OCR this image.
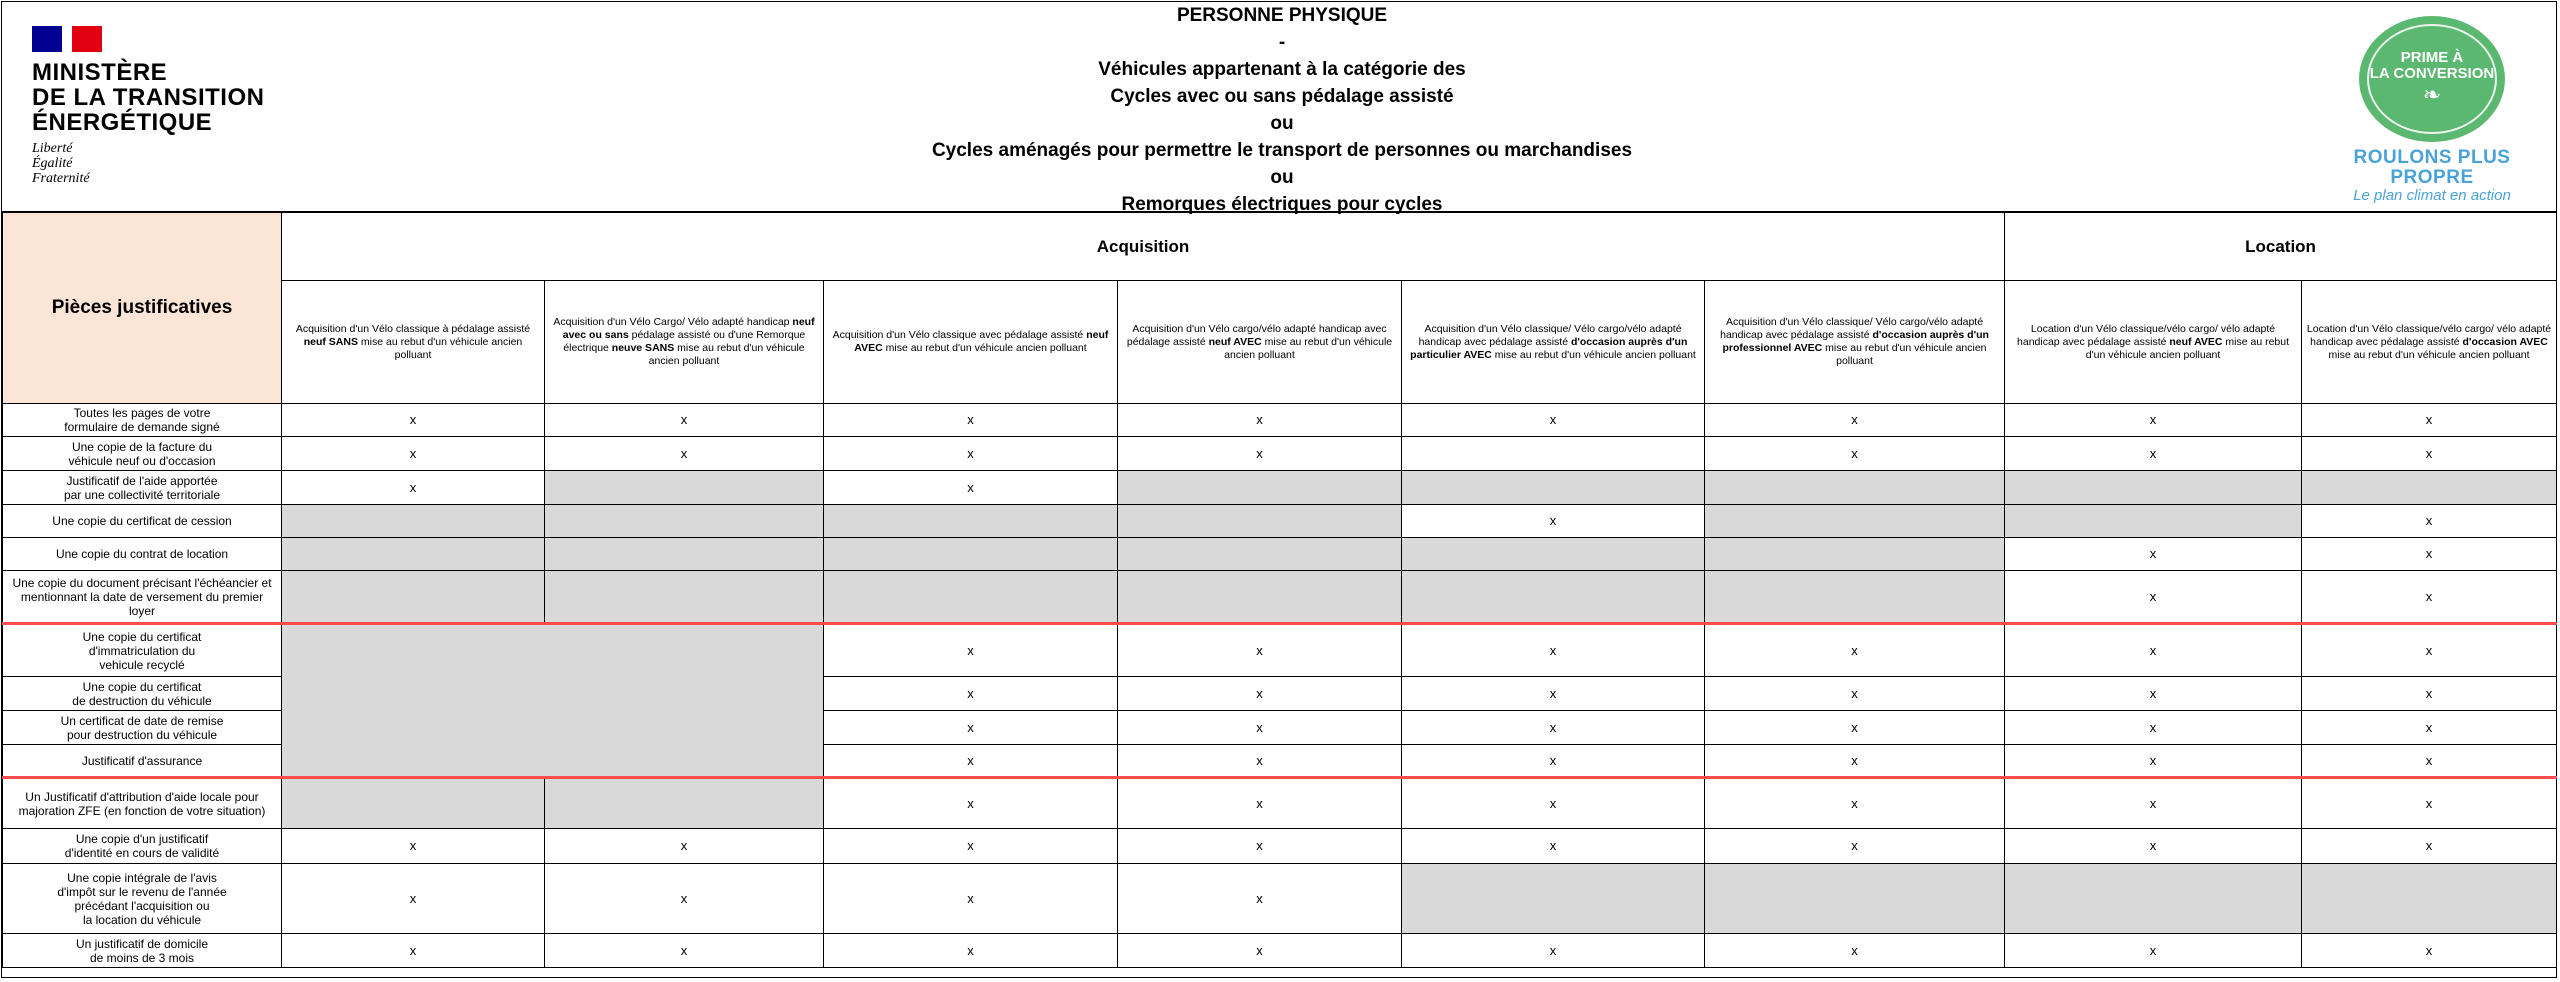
MINISTÈRE
DE LA TRANSITION
ÉNERGÉTIQUE
Liberté
Égalité
Fraternité
PERSONNE PHYSIQUE
-
Véhicules appartenant à la catégorie des
Cycles avec ou sans pédalage assisté
ou
Cycles aménagés pour permettre le transport de personnes ou marchandises
ou
Remorques électriques pour cycles
PRIME À
LA CONVERSION
❧
ROULONS PLUS PROPRE
Le plan climat en action
Pièces justificatives	Acquisition						Location	
	Acquisition d'un Vélo classique à pédalage assisté neuf SANS mise au rebut d'un véhicule ancien polluant	Acquisition d'un Vélo Cargo/ Vélo adapté handicap neuf avec ou sans pédalage assisté ou d'une Remorque électrique neuve SANS mise au rebut d'un véhicule ancien polluant	Acquisition d'un Vélo classique avec pédalage assisté neuf AVEC mise au rebut d'un véhicule ancien polluant	Acquisition d'un Vélo cargo/vélo adapté handicap avec pédalage assisté neuf AVEC mise au rebut d'un véhicule ancien polluant	Acquisition d'un Vélo classique/ Vélo cargo/vélo adapté handicap avec pédalage assisté d'occasion auprès d'un particulier AVEC mise au rebut d'un véhicule ancien polluant	Acquisition d'un Vélo classique/ Vélo cargo/vélo adapté handicap avec pédalage assisté d'occasion auprès d'un professionnel AVEC mise au rebut d'un véhicule ancien polluant	Location d'un Vélo classique/vélo cargo/ vélo adapté handicap avec pédalage assisté neuf AVEC mise au rebut d'un véhicule ancien polluant	Location d'un Vélo classique/vélo cargo/ vélo adapté handicap avec pédalage assisté d'occasion AVEC mise au rebut d'un véhicule ancien polluant

Toutes les pages de votre
formulaire de demande signé	x	x	x	x	x	x	x	x

Une copie de la facture du
véhicule neuf ou d'occasion	x	x	x	x		x	x	x

Justificatif de l'aide apportée
par une collectivité territoriale	x		x					

Une copie du certificat de cession					x			x

Une copie du contrat de location							x	x

Une copie du document précisant l'échéancier et
mentionnant la date de versement du premier
loyer							x	x

Une copie du certificat
d'immatriculation du
vehicule recyclé			x	x	x	x	x	x

Une copie du certificat
de destruction du véhicule			x	x	x	x	x	x

Un certificat de date de remise
pour destruction du véhicule			x	x	x	x	x	x

Justificatif d'assurance			x	x	x	x	x	x

Un Justificatif d'attribution d'aide locale pour
majoration ZFE (en fonction de votre situation)			x	x	x	x	x	x

Une copie d'un justificatif
d'identité en cours de validité	x	x	x	x	x	x	x	x

Une copie intégrale de l'avis
d'impôt sur le revenu de l'année
précédant l'acquisition ou
la location du véhicule	x	x	x	x				

Un justificatif de domicile
de moins de 3 mois	x	x	x	x	x	x	x	x
